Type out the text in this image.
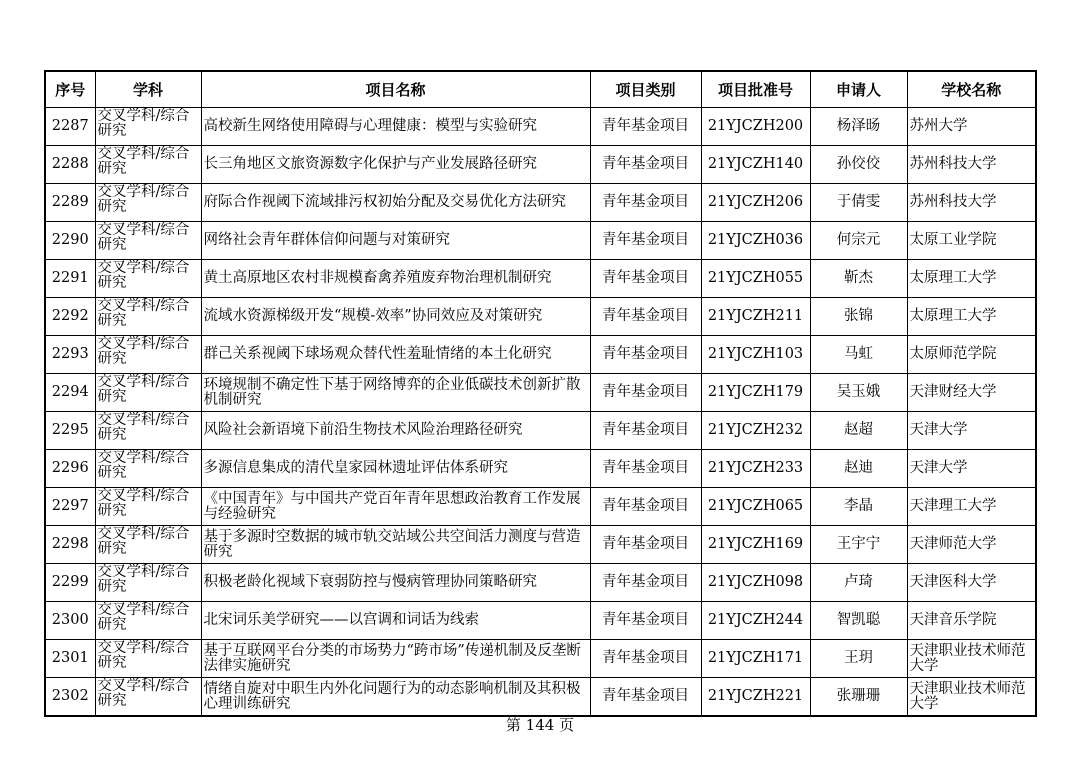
序号	学科	项目名称	项目类别	项目批准号	申请人	学校名称
2287	交叉学科/综合研究	高校新生网络使用障碍与心理健康：模型与实验研究	青年基金项目	21YJCZH200	杨泽旸	苏州大学
2288	交叉学科/综合研究	长三角地区文旅资源数字化保护与产业发展路径研究	青年基金项目	21YJCZH140	孙佼佼	苏州科技大学
2289	交叉学科/综合研究	府际合作视阈下流域排污权初始分配及交易优化方法研究	青年基金项目	21YJCZH206	于倩雯	苏州科技大学
2290	交叉学科/综合研究	网络社会青年群体信仰问题与对策研究	青年基金项目	21YJCZH036	何宗元	太原工业学院
2291	交叉学科/综合研究	黄土高原地区农村非规模畜禽养殖废弃物治理机制研究	青年基金项目	21YJCZH055	靳杰	太原理工大学
2292	交叉学科/综合研究	流域水资源梯级开发“规模-效率”协同效应及对策研究	青年基金项目	21YJCZH211	张锦	太原理工大学
2293	交叉学科/综合研究	群己关系视阈下球场观众替代性羞耻情绪的本土化研究	青年基金项目	21YJCZH103	马虹	太原师范学院
2294	交叉学科/综合研究	环境规制不确定性下基于网络博弈的企业低碳技术创新扩散机制研究	青年基金项目	21YJCZH179	吴玉娥	天津财经大学
2295	交叉学科/综合研究	风险社会新语境下前沿生物技术风险治理路径研究	青年基金项目	21YJCZH232	赵超	天津大学
2296	交叉学科/综合研究	多源信息集成的清代皇家园林遗址评估体系研究	青年基金项目	21YJCZH233	赵迪	天津大学
2297	交叉学科/综合研究	《中国青年》与中国共产党百年青年思想政治教育工作发展与经验研究	青年基金项目	21YJCZH065	李晶	天津理工大学
2298	交叉学科/综合研究	基于多源时空数据的城市轨交站域公共空间活力测度与营造研究	青年基金项目	21YJCZH169	王宇宁	天津师范大学
2299	交叉学科/综合研究	积极老龄化视域下衰弱防控与慢病管理协同策略研究	青年基金项目	21YJCZH098	卢琦	天津医科大学
2300	交叉学科/综合研究	北宋词乐美学研究——以宫调和词话为线索	青年基金项目	21YJCZH244	智凯聪	天津音乐学院
2301	交叉学科/综合研究	基于互联网平台分类的市场势力“跨市场”传递机制及反垄断法律实施研究	青年基金项目	21YJCZH171	王玥	天津职业技术师范大学
2302	交叉学科/综合研究	情绪自旋对中职生内外化问题行为的动态影响机制及其积极心理训练研究	青年基金项目	21YJCZH221	张珊珊	天津职业技术师范大学
第 144 页
